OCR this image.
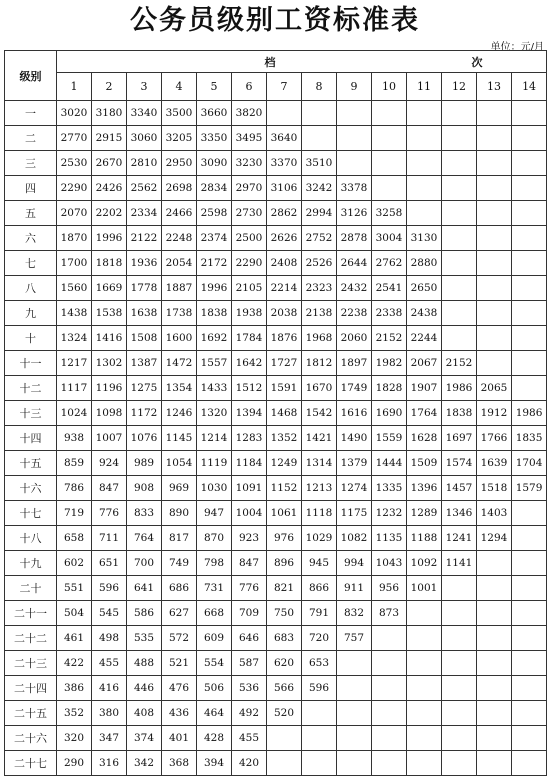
公务员级别工资标准表
单位：元/月
级别	档 次													

	1	2	3	4	5	6	7	8	9	10	11	12	13	14
一	3020	3180	3340	3500	3660	3820								
二	2770	2915	3060	3205	3350	3495	3640							
三	2530	2670	2810	2950	3090	3230	3370	3510						
四	2290	2426	2562	2698	2834	2970	3106	3242	3378					
五	2070	2202	2334	2466	2598	2730	2862	2994	3126	3258				
六	1870	1996	2122	2248	2374	2500	2626	2752	2878	3004	3130			
七	1700	1818	1936	2054	2172	2290	2408	2526	2644	2762	2880			
八	1560	1669	1778	1887	1996	2105	2214	2323	2432	2541	2650			
九	1438	1538	1638	1738	1838	1938	2038	2138	2238	2338	2438			
十	1324	1416	1508	1600	1692	1784	1876	1968	2060	2152	2244			
十一	1217	1302	1387	1472	1557	1642	1727	1812	1897	1982	2067	2152		
十二	1117	1196	1275	1354	1433	1512	1591	1670	1749	1828	1907	1986	2065	
十三	1024	1098	1172	1246	1320	1394	1468	1542	1616	1690	1764	1838	1912	1986
十四	938	1007	1076	1145	1214	1283	1352	1421	1490	1559	1628	1697	1766	1835
十五	859	924	989	1054	1119	1184	1249	1314	1379	1444	1509	1574	1639	1704
十六	786	847	908	969	1030	1091	1152	1213	1274	1335	1396	1457	1518	1579
十七	719	776	833	890	947	1004	1061	1118	1175	1232	1289	1346	1403	
十八	658	711	764	817	870	923	976	1029	1082	1135	1188	1241	1294	
十九	602	651	700	749	798	847	896	945	994	1043	1092	1141		
二十	551	596	641	686	731	776	821	866	911	956	1001			
二十一	504	545	586	627	668	709	750	791	832	873				
二十二	461	498	535	572	609	646	683	720	757					
二十三	422	455	488	521	554	587	620	653						
二十四	386	416	446	476	506	536	566	596						
二十五	352	380	408	436	464	492	520							
二十六	320	347	374	401	428	455								
二十七	290	316	342	368	394	420								
